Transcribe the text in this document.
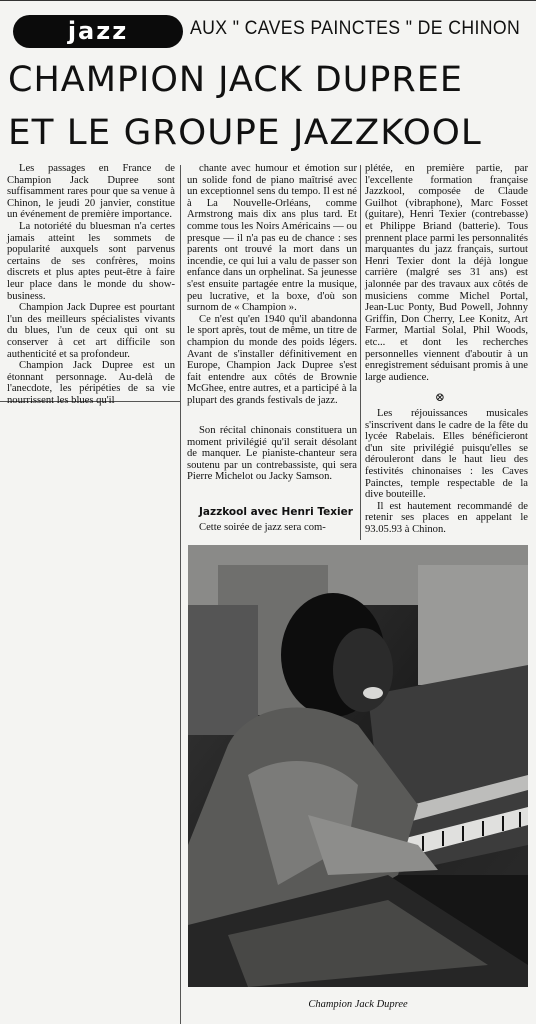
jazz	AUX " CAVES PAINCTES " DE CHINON
CHAMPION JACK DUPREE
ET LE GROUPE JAZZKOOL

Les passages en France de Champion Jack Dupree sont suffisamment rares pour que sa venue à Chinon, le jeudi 20 janvier, constitue un événement de première importance.

La notoriété du bluesman n'a certes jamais atteint les sommets de popularité auxquels sont parvenus certains de ses confrères, moins discrets et plus aptes peut-être à faire leur place dans le monde du show-business.

Champion Jack Dupree est pourtant l'un des meilleurs spécialistes vivants du blues, l'un de ceux qui ont su conserver à cet art difficile son authenticité et sa profondeur.

Champion Jack Dupree est un étonnant personnage. Au-delà de l'anecdote, les péripéties de sa vie nourrissent les blues qu'il

chante avec humour et émotion sur un solide fond de piano maîtrisé avec un exceptionnel sens du tempo. Il est né à La Nouvelle-Orléans, comme Armstrong mais dix ans plus tard. Et comme tous les Noirs Américains — ou presque — il n'a pas eu de chance : ses parents ont trouvé la mort dans un incendie, ce qui lui a valu de passer son enfance dans un orphelinat. Sa jeunesse s'est ensuite partagée entre la musique, peu lucrative, et la boxe, d'où son surnom de « Champion ».

Ce n'est qu'en 1940 qu'il abandonna le sport après, tout de même, un titre de champion du monde des poids légers. Avant de s'installer définitivement en Europe, Champion Jack Dupree s'est fait entendre aux côtés de Brownie McGhee, entre autres, et a participé à la plupart des grands festivals de jazz.

Son récital chinonais constituera un moment privilégié qu'il serait désolant de manquer. Le pianiste-chanteur sera soutenu par un contrebassiste, qui sera Pierre Michelot ou Jacky Samson.

Jazzkool avec Henri Texier

Cette soirée de jazz sera com-

plétée, en première partie, par l'excellente formation française Jazzkool, composée de Claude Guilhot (vibraphone), Marc Fosset (guitare), Henri Texier (contrebasse) et Philippe Briand (batterie). Tous prennent place parmi les personnalités marquantes du jazz français, surtout Henri Texier dont la déjà longue carrière (malgré ses 31 ans) est jalonnée par des travaux aux côtés de musiciens comme Michel Portal, Jean-Luc Ponty, Bud Powell, Johnny Griffin, Don Cherry, Lee Konitz, Art Farmer, Martial Solal, Phil Woods, etc... et dont les recherches personnelles viennent d'aboutir à un enregistrement séduisant promis à une large audience.

⊗

Les réjouissances musicales s'inscrivent dans le cadre de la fête du lycée Rabelais. Elles bénéficieront d'un site privilégié puisqu'elles se dérouleront dans le haut lieu des festivités chinonaises : les Caves Painctes, temple respectable de la dive bouteille.

Il est hautement recommandé de retenir ses places en appelant le 93.05.93 à Chinon.

Champion Jack Dupree
